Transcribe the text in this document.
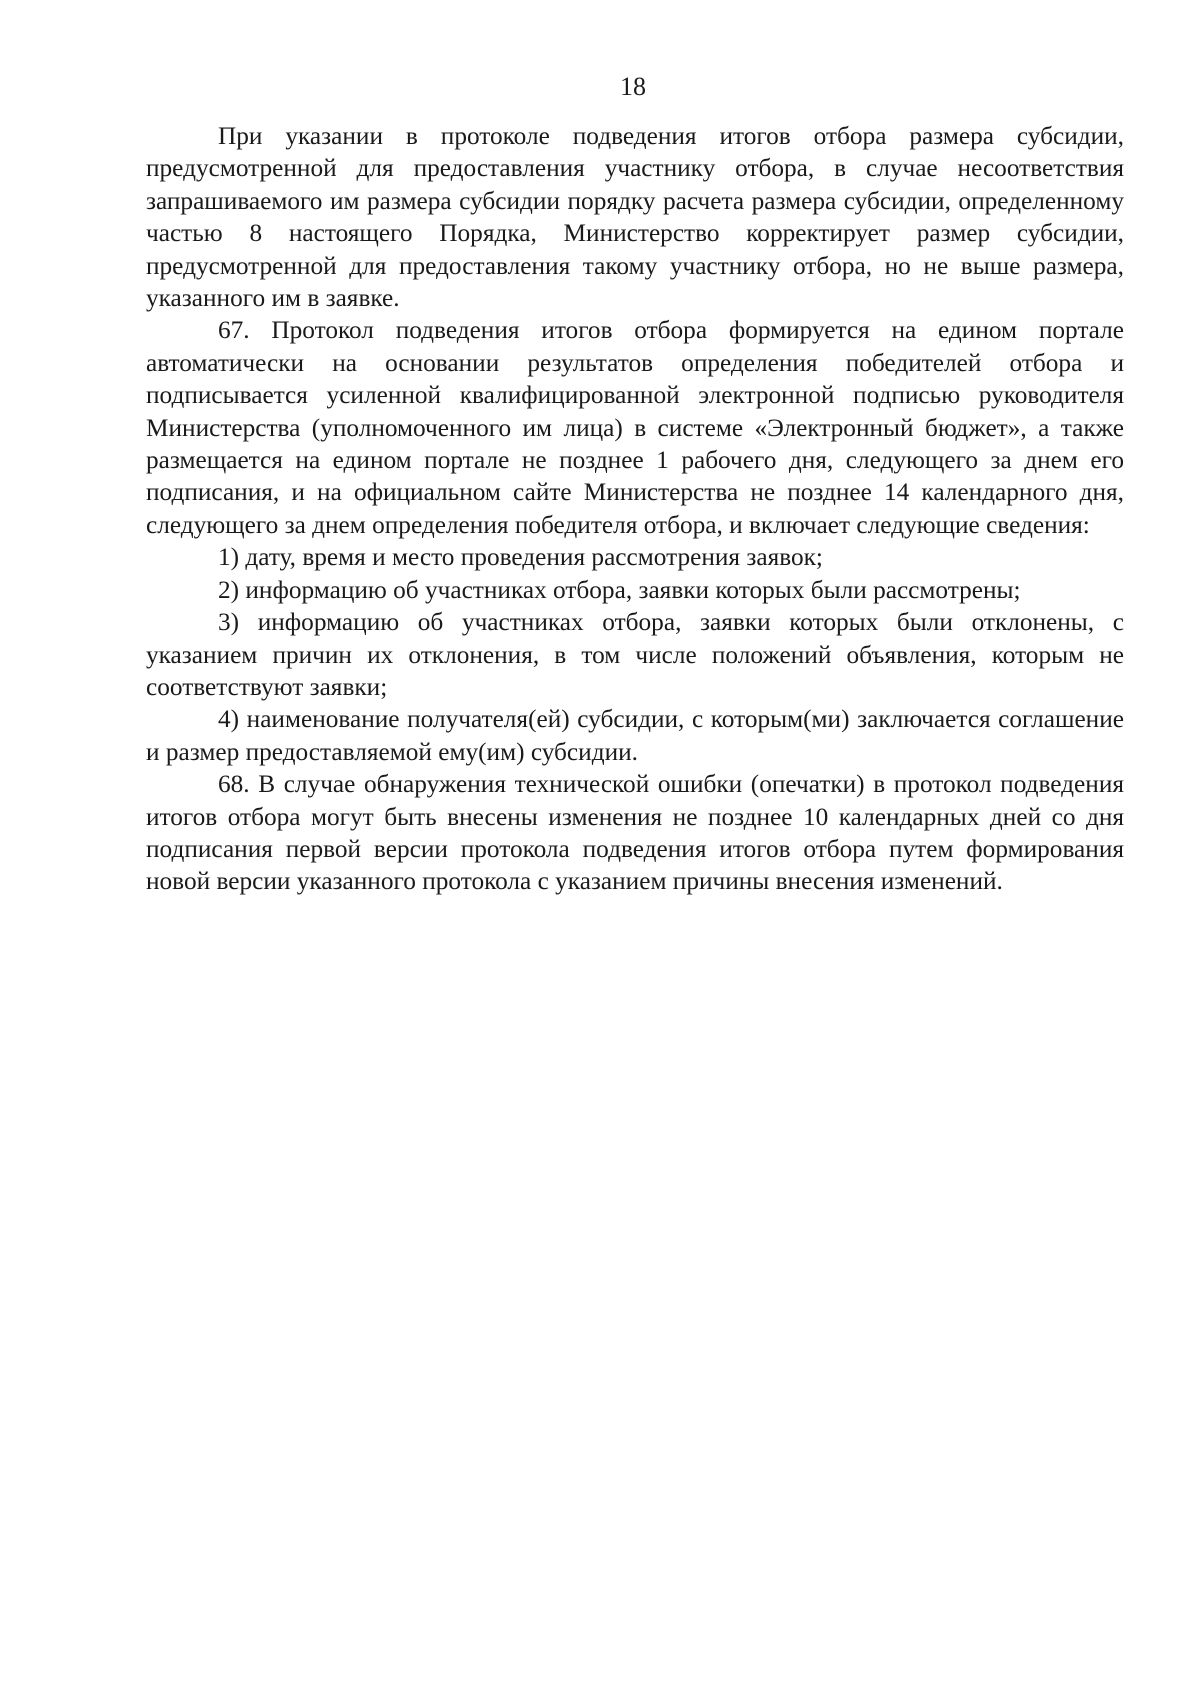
18

При указании в протоколе подведения итогов отбора размера субсидии, предусмотренной для предоставления участнику отбора, в случае несоответствия запрашиваемого им размера субсидии порядку расчета размера субсидии, определенному частью 8 настоящего Порядка, Министерство корректирует размер субсидии, предусмотренной для предоставления такому участнику отбора, но не выше размера, указанного им в заявке.

67. Протокол подведения итогов отбора формируется на едином портале автоматически на основании результатов определения победителей отбора и подписывается усиленной квалифицированной электронной подписью руководителя Министерства (уполномоченного им лица) в системе «Электронный бюджет», а также размещается на едином портале не позднее 1 рабочего дня, следующего за днем его подписания, и на официальном сайте Министерства не позднее 14 календарного дня, следующего за днем определения победителя отбора, и включает следующие сведения:

1) дату, время и место проведения рассмотрения заявок;

2) информацию об участниках отбора, заявки которых были рассмотрены;

3) информацию об участниках отбора, заявки которых были отклонены, с указанием причин их отклонения, в том числе положений объявления, которым не соответствуют заявки;

4) наименование получателя(ей) субсидии, с которым(ми) заключается соглашение и размер предоставляемой ему(им) субсидии.

68. В случае обнаружения технической ошибки (опечатки) в протокол подведения итогов отбора могут быть внесены изменения не позднее 10 календарных дней со дня подписания первой версии протокола подведения итогов отбора путем формирования новой версии указанного протокола с указанием причины внесения изменений.
